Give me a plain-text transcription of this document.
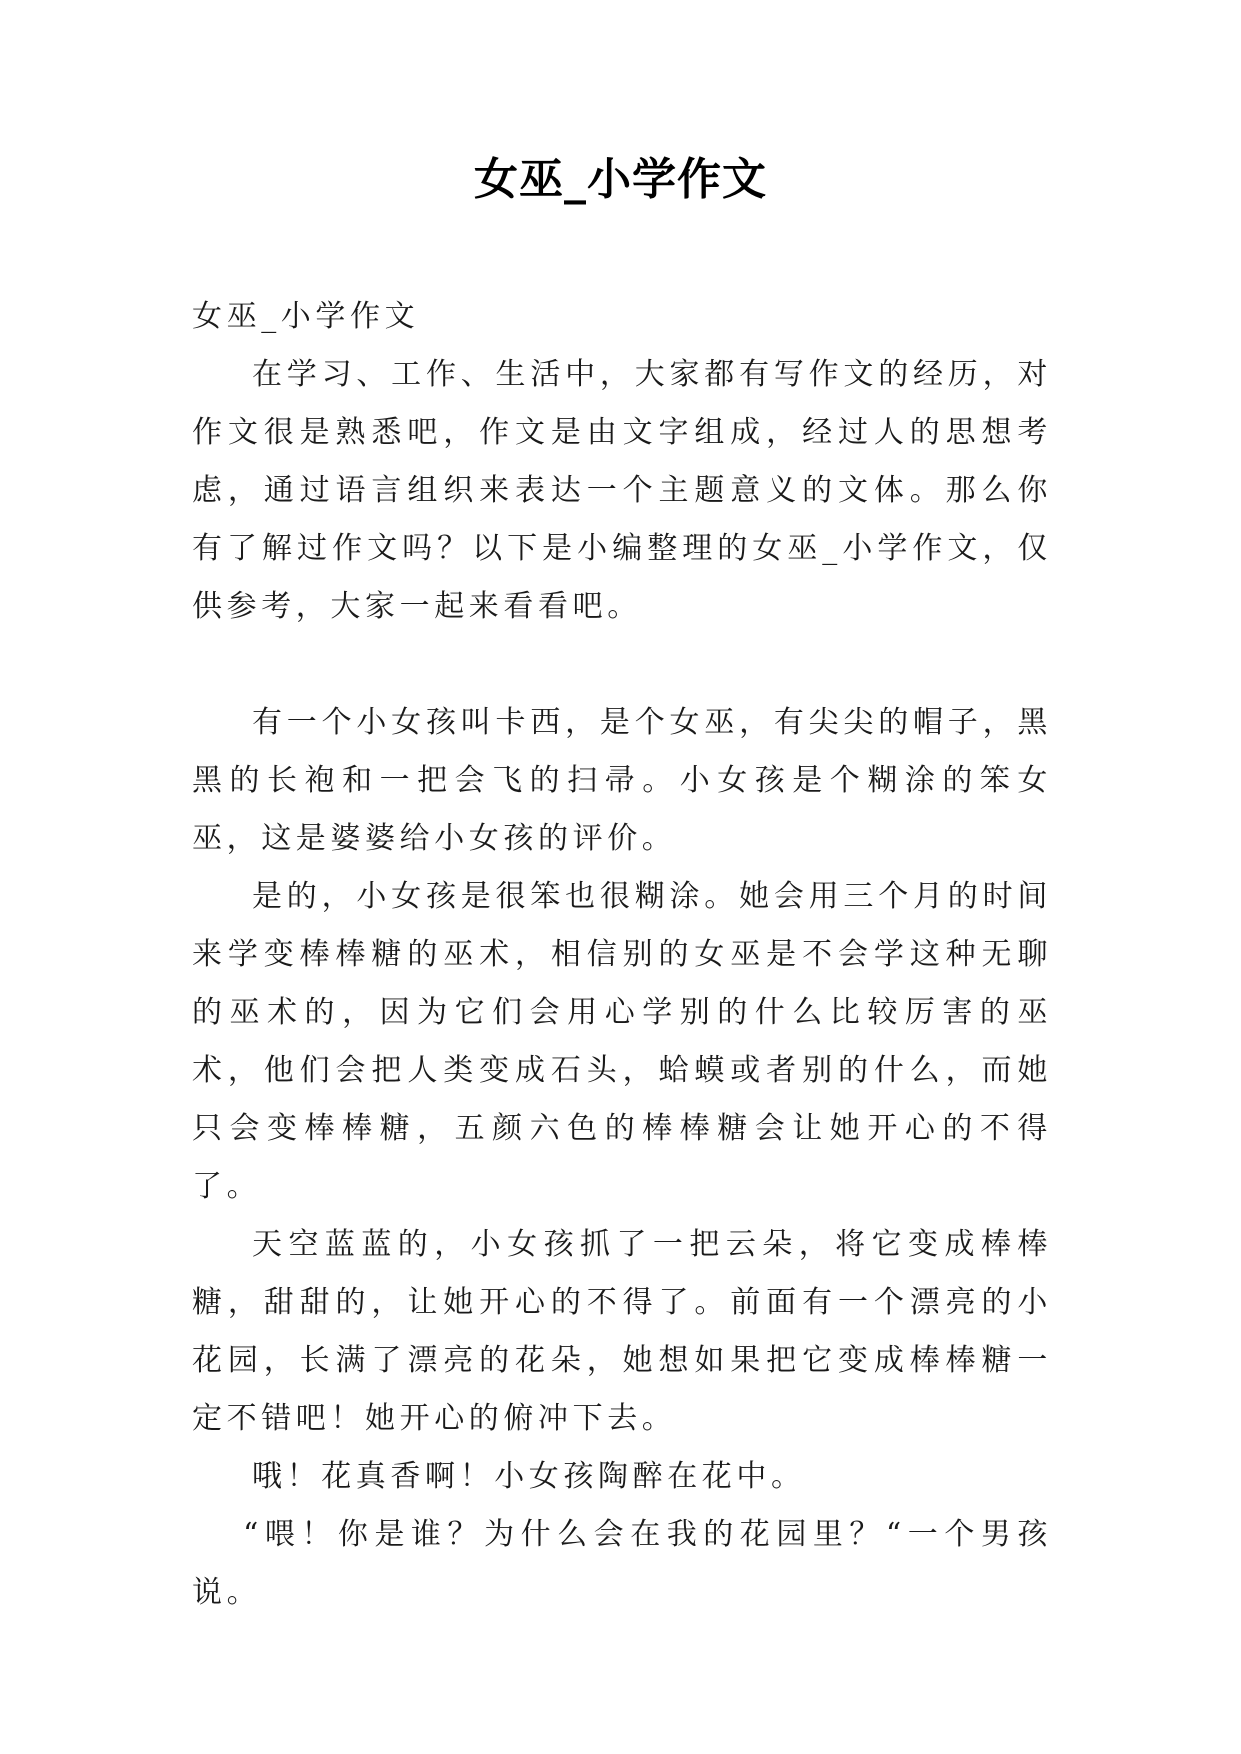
女巫_小学作文

女巫_小学作文

在学习、工作、生活中，大家都有写作文的经历，对作文很是熟悉吧，作文是由文字组成，经过人的思想考虑，通过语言组织来表达一个主题意义的文体。那么你有了解过作文吗？以下是小编整理的女巫_小学作文，仅供参考，大家一起来看看吧。

有一个小女孩叫卡西，是个女巫，有尖尖的帽子，黑黑的长袍和一把会飞的扫帚。小女孩是个糊涂的笨女巫，这是婆婆给小女孩的评价。

是的，小女孩是很笨也很糊涂。她会用三个月的时间来学变棒棒糖的巫术，相信别的女巫是不会学这种无聊的巫术的，因为它们会用心学别的什么比较厉害的巫术，他们会把人类变成石头，蛤蟆或者别的什么，而她只会变棒棒糖，五颜六色的棒棒糖会让她开心的不得了。

天空蓝蓝的，小女孩抓了一把云朵，将它变成棒棒糖，甜甜的，让她开心的不得了。前面有一个漂亮的小花园，长满了漂亮的花朵，她想如果把它变成棒棒糖一定不错吧！她开心的俯冲下去。

哦！花真香啊！小女孩陶醉在花中。

“喂！你是谁？为什么会在我的花园里？“一个男孩说。
